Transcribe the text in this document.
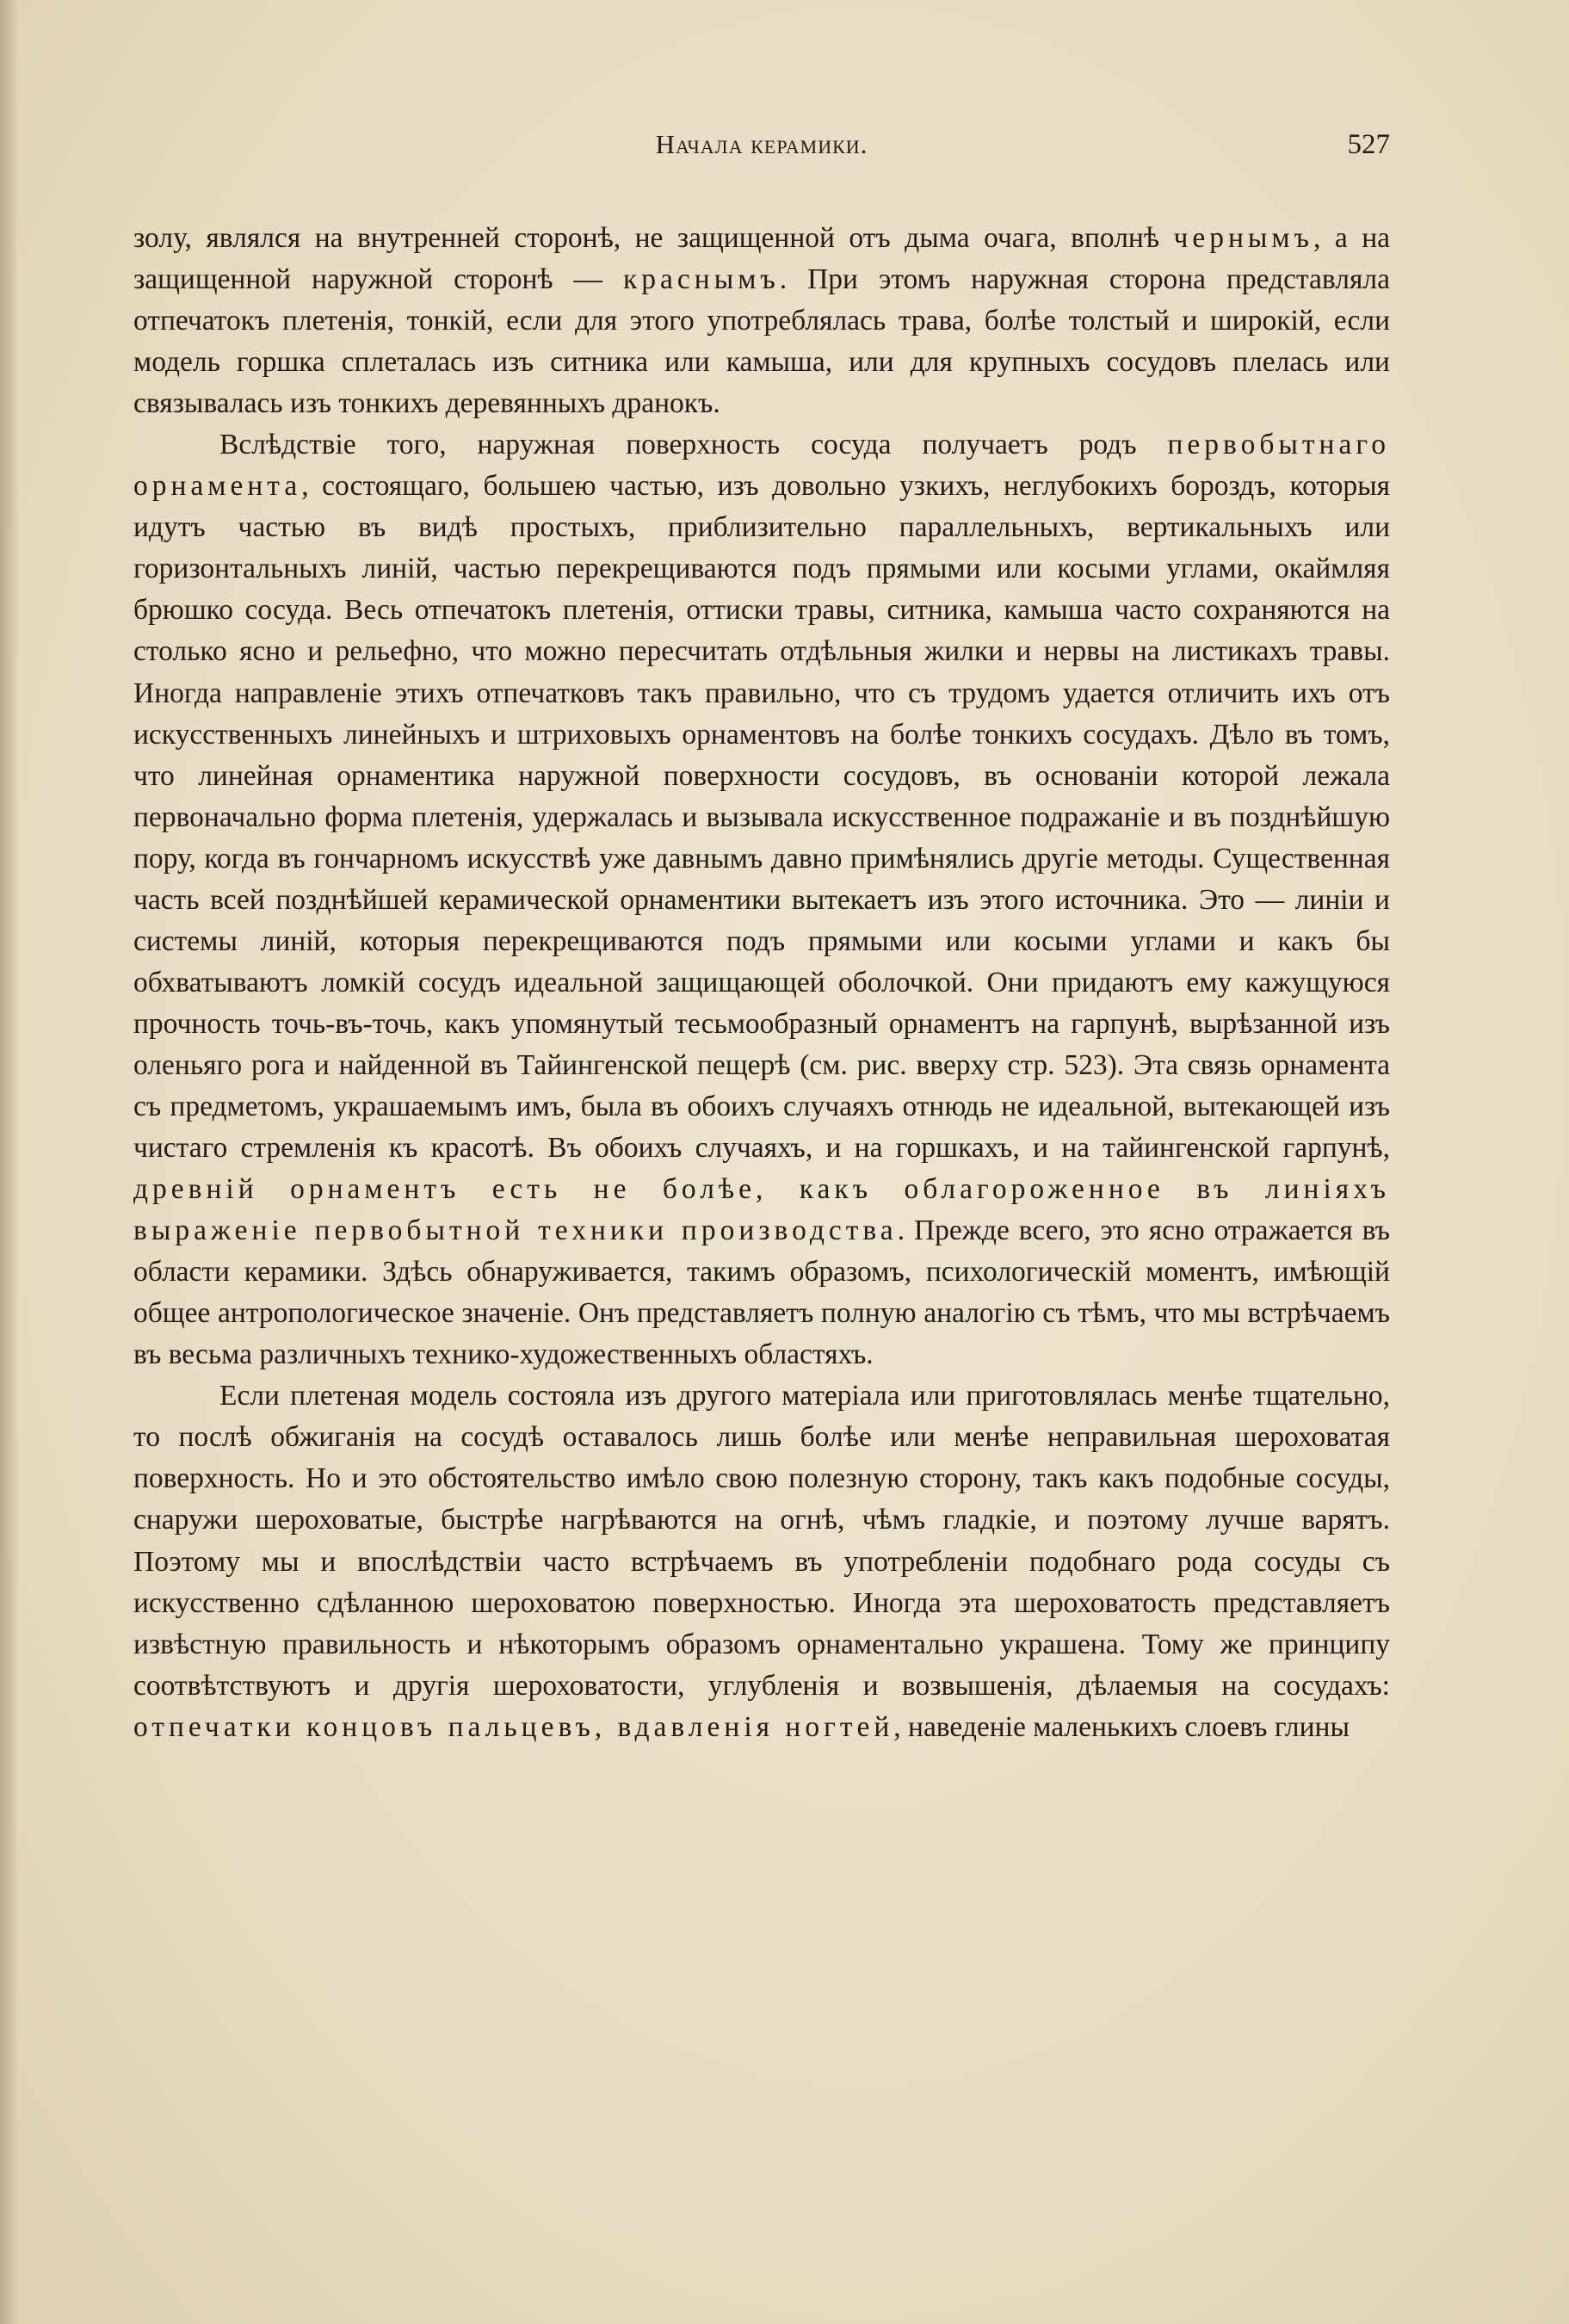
Начала керамики.	527

золу, являлся на внутренней сторонѣ, не защищенной отъ дыма очага, вполнѣ чернымъ, а на защищенной наружной сторонѣ — краснымъ. При этомъ наружная сторона представляла отпечатокъ плетенія, тонкій, если для этого употреблялась трава, болѣе толстый и широкій, если модель горшка сплеталась изъ ситника или камыша, или для крупныхъ сосудовъ плелась или связывалась изъ тонкихъ деревянныхъ дранокъ.

Вслѣдствіе того, наружная поверхность сосуда получаетъ родъ первобытнаго орнамента, состоящаго, большею частью, изъ довольно узкихъ, неглубокихъ бороздъ, которыя идутъ частью въ видѣ простыхъ, приблизительно параллельныхъ, вертикальныхъ или горизонтальныхъ линій, частью перекрещиваются подъ прямыми или косыми углами, окаймляя брюшко сосуда. Весь отпечатокъ плетенія, оттиски травы, ситника, камыша часто сохраняются на столько ясно и рельефно, что можно пересчитать отдѣльныя жилки и нервы на листикахъ травы. Иногда направленіе этихъ отпечатковъ такъ правильно, что съ трудомъ удается отличить ихъ отъ искусственныхъ линейныхъ и штриховыхъ орнаментовъ на болѣе тонкихъ сосудахъ. Дѣло въ томъ, что линейная орнаментика наружной поверхности сосудовъ, въ основаніи которой лежала первоначально форма плетенія, удержалась и вызывала искусственное подражаніе и въ позднѣйшую пору, когда въ гончарномъ искусствѣ уже давнымъ давно примѣнялись другіе методы. Существенная часть всей позднѣйшей керамической орнаментики вытекаетъ изъ этого источника. Это — линіи и системы линій, которыя перекрещиваются подъ прямыми или косыми углами и какъ бы обхватываютъ ломкій сосудъ идеальной защищающей оболочкой. Они придаютъ ему кажущуюся прочность точь-въ-точь, какъ упомянутый тесьмообразный орнаментъ на гарпунѣ, вырѣзанной изъ оленьяго рога и найденной въ Тайингенской пещерѣ (см. рис. вверху стр. 523). Эта связь орнамента съ предметомъ, украшаемымъ имъ, была въ обоихъ случаяхъ отнюдь не идеальной, вытекающей изъ чистаго стремленія къ красотѣ. Въ обоихъ случаяхъ, и на горшкахъ, и на тайингенской гарпунѣ, древній орнаментъ есть не болѣе, какъ облагороженное въ линіяхъ выраженіе первобытной техники производства. Прежде всего, это ясно отражается въ области керамики. Здѣсь обнаруживается, такимъ образомъ, психологическій моментъ, имѣющій общее антропологическое значеніе. Онъ представляетъ полную аналогію съ тѣмъ, что мы встрѣчаемъ въ весьма различныхъ технико-художественныхъ областяхъ.

Если плетеная модель состояла изъ другого матеріала или приготовлялась менѣе тщательно, то послѣ обжиганія на сосудѣ оставалось лишь болѣе или менѣе неправильная шероховатая поверхность. Но и это обстоятельство имѣло свою полезную сторону, такъ какъ подобные сосуды, снаружи шероховатые, быстрѣе нагрѣваются на огнѣ, чѣмъ гладкіе, и поэтому лучше варятъ. Поэтому мы и впослѣдствіи часто встрѣчаемъ въ употребленіи подобнаго рода сосуды съ искусственно сдѣланною шероховатою поверхностью. Иногда эта шероховатость представляетъ извѣстную правильность и нѣкоторымъ образомъ орнаментально украшена. Тому же принципу соотвѣтствуютъ и другія шероховатости, углубленія и возвышенія, дѣлаемыя на сосудахъ: отпечатки концовъ пальцевъ, вдавленія ногтей, наведеніе маленькихъ слоевъ глины
